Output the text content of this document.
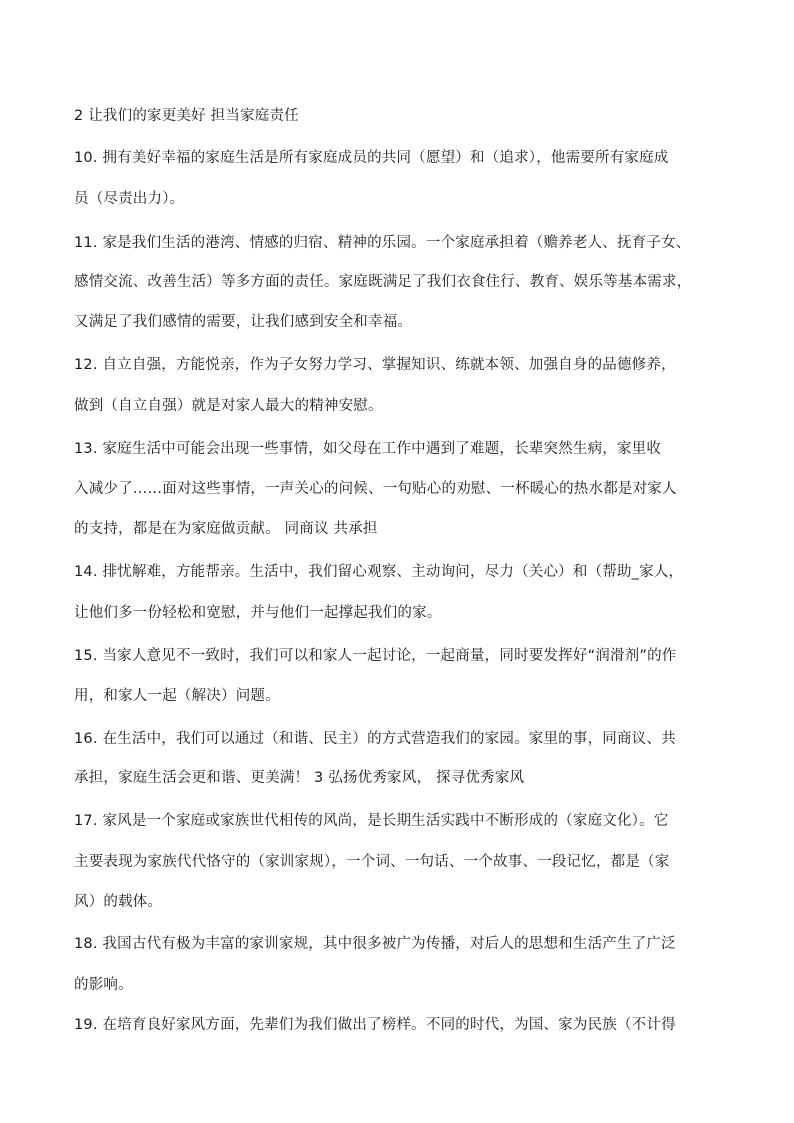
2 让我们的家更美好 担当家庭责任
10. 拥有美好幸福的家庭生活是所有家庭成员的共同（愿望）和（追求），他需要所有家庭成
员（尽责出力）。
11. 家是我们生活的港湾、情感的归宿、精神的乐园。一个家庭承担着（赡养老人、抚育子女、
感情交流、改善生活）等多方面的责任。家庭既满足了我们衣食住行、教育、娱乐等基本需求，
又满足了我们感情的需要，让我们感到安全和幸福。
12. 自立自强，方能悦亲，作为子女努力学习、掌握知识、练就本领、加强自身的品德修养，
做到（自立自强）就是对家人最大的精神安慰。
13. 家庭生活中可能会出现一些事情，如父母在工作中遇到了难题，长辈突然生病，家里收
入减少了……面对这些事情，一声关心的问候、一句贴心的劝慰、一杯暖心的热水都是对家人
的支持，都是在为家庭做贡献。 同商议 共承担
14. 排忧解难，方能帮亲。生活中，我们留心观察、主动询问，尽力（关心）和（帮助_家人，
让他们多一份轻松和宽慰，并与他们一起撑起我们的家。
15. 当家人意见不一致时，我们可以和家人一起讨论，一起商量，同时要发挥好“润滑剂”的作
用，和家人一起（解决）问题。
16. 在生活中，我们可以通过（和谐、民主）的方式营造我们的家园。家里的事，同商议、共
承担，家庭生活会更和谐、更美满！ 3 弘扬优秀家风， 探寻优秀家风
17. 家风是一个家庭或家族世代相传的风尚，是长期生活实践中不断形成的（家庭文化）。它
主要表现为家族代代恪守的（家训家规），一个词、一句话、一个故事、一段记忆，都是（家
风）的载体。
18. 我国古代有极为丰富的家训家规，其中很多被广为传播，对后人的思想和生活产生了广泛
的影响。
19. 在培育良好家风方面，先辈们为我们做出了榜样。不同的时代，为国、家为民族（不计得
